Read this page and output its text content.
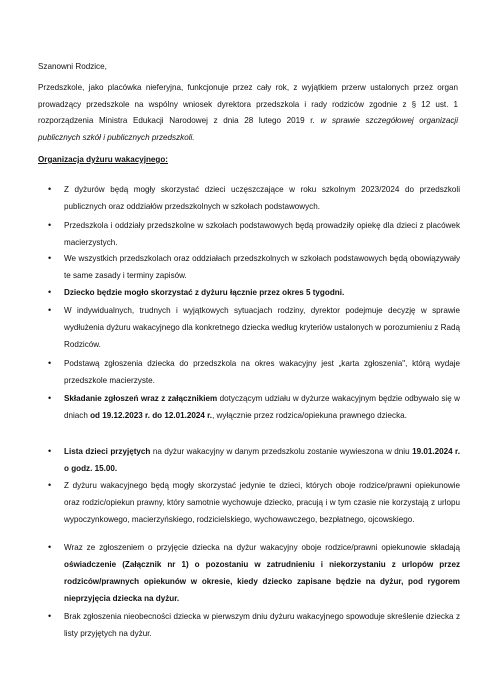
Szanowni Rodzice,
Przedszkole, jako placówka nieferyjna, funkcjonuje przez cały rok, z wyjątkiem przerw ustalonych przez organ prowadzący przedszkole na wspólny wniosek dyrektora przedszkola i rady rodziców zgodnie z § 12 ust. 1 rozporządzenia Ministra Edukacji Narodowej z dnia 28 lutego 2019 r. w sprawie szczegółowej organizacji publicznych szkół i publicznych przedszkoli.
Organizacja dyżuru wakacyjnego:
•	Z dyżurów będą mogły skorzystać dzieci uczęszczające w roku szkolnym 2023/2024 do przedszkoli publicznych oraz oddziałów przedszkolnych w szkołach podstawowych.
•	Przedszkola i oddziały przedszkolne w szkołach podstawowych będą prowadziły opiekę dla dzieci z placówek macierzystych.
•	We wszystkich przedszkolach oraz oddziałach przedszkolnych w szkołach podstawowych będą obowiązywały te same zasady i terminy zapisów.
•	Dziecko będzie mogło skorzystać z dyżuru łącznie przez okres 5 tygodni.
•	W indywidualnych, trudnych i wyjątkowych sytuacjach rodziny, dyrektor podejmuje decyzję w sprawie wydłużenia dyżuru wakacyjnego dla konkretnego dziecka według kryteriów ustalonych w porozumieniu z Radą Rodziców.
•	Podstawą zgłoszenia dziecka do przedszkola na okres wakacyjny jest „karta zgłoszenia", którą wydaje przedszkole macierzyste.
•	Składanie zgłoszeń wraz z załącznikiem dotyczącym udziału w dyżurze wakacyjnym będzie odbywało się w dniach od 19.12.2023 r. do 12.01.2024 r., wyłącznie przez rodzica/opiekuna prawnego dziecka.
•	Lista dzieci przyjętych na dyżur wakacyjny w danym przedszkolu zostanie wywieszona w dniu 19.01.2024 r. o godz. 15.00.
•	Z dyżuru wakacyjnego będą mogły skorzystać jedynie te dzieci, których oboje rodzice/prawni opiekunowie oraz rodzic/opiekun prawny, który samotnie wychowuje dziecko, pracują i w tym czasie nie korzystają z urlopu wypoczynkowego, macierzyńskiego, rodzicielskiego, wychowawczego, bezpłatnego, ojcowskiego.
•	Wraz ze zgłoszeniem o przyjęcie dziecka na dyżur wakacyjny oboje rodzice/prawni opiekunowie składają oświadczenie (Załącznik nr 1) o pozostaniu w zatrudnieniu i niekorzystaniu z urlopów przez rodziców/prawnych opiekunów w okresie, kiedy dziecko zapisane będzie na dyżur, pod rygorem nieprzyjęcia dziecka na dyżur.
•	Brak zgłoszenia nieobecności dziecka w pierwszym dniu dyżuru wakacyjnego spowoduje skreślenie dziecka z listy przyjętych na dyżur.
